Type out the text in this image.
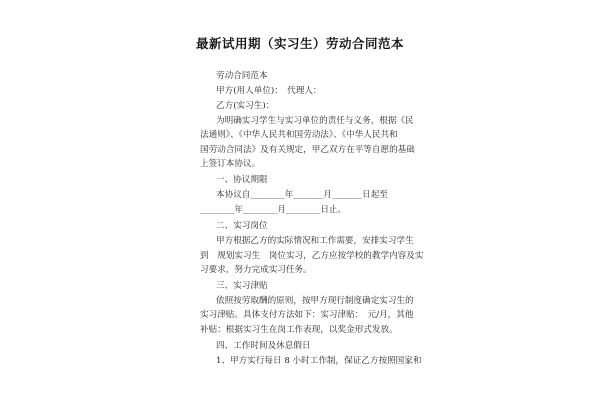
最新试用期（实习生）劳动合同范本
劳动合同范本
甲方(用人单位)：　代理人：
乙方(实习生)：
为明确实习学生与实习单位的责任与义务，根据《民
法通则》、《中华人民共和国劳动法》、《中华人民共和
国劳动合同法》及有关规定，甲乙双方在平等自愿的基础
上签订本协议。
一、协议期限
本协议自________年_______月_______日起至
________年________月________日止。
二、实习岗位
甲方根据乙方的实际情况和工作需要，安排实习学生
到　规划实习生　岗位实习，乙方应按学校的教学内容及实
习要求，努力完成实习任务。
三、实习津贴
依照按劳取酬的原则，按甲方现行制度确定实习生的
实习津贴。具体支付方法如下：实习津贴：　元/月，其他
补贴：根据实习生在岗工作表现，以奖金形式发放。
四、工作时间及休息假日
1、甲方实行每日 8 小时工作制，保证乙方按照国家和
